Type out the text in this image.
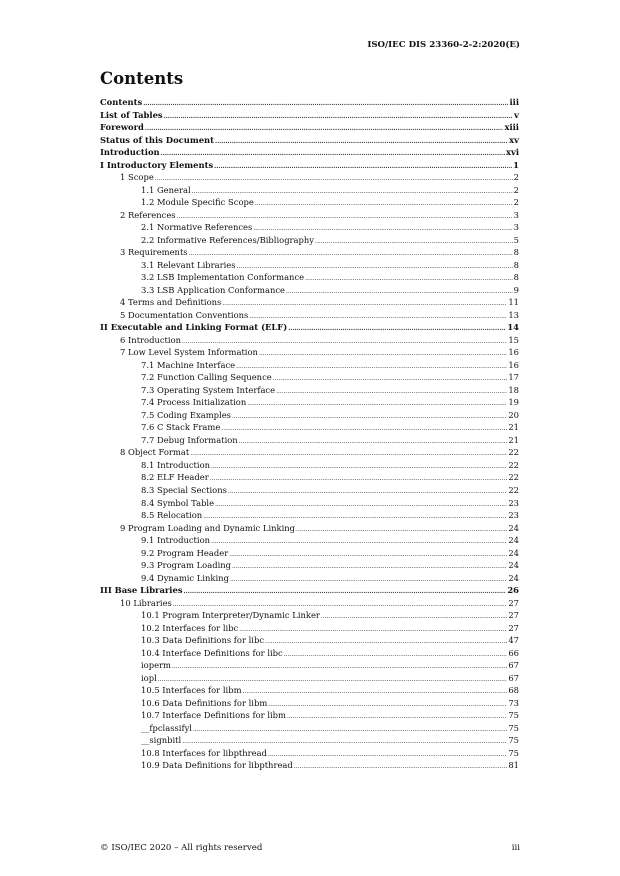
ISO/IEC DIS 23360-2-2:2020(E)
Contents
Contents .....	iii
List of Tables .....	v
Foreword .....	xiii
Status of this Document .....	xv
Introduction .....	xvi
I Introductory Elements .....	1
1 Scope .....	2
1.1 General .....	2
1.2 Module Specific Scope .....	2
2 References .....	3
2.1 Normative References .....	3
2.2 Informative References/Bibliography .....	5
3 Requirements .....	8
3.1 Relevant Libraries .....	8
3.2 LSB Implementation Conformance .....	8
3.3 LSB Application Conformance .....	9
4 Terms and Definitions .....	11
5 Documentation Conventions .....	13
II Executable and Linking Format (ELF) .....	14
6 Introduction .....	15
7 Low Level System Information .....	16
7.1 Machine Interface .....	16
7.2 Function Calling Sequence .....	17
7.3 Operating System Interface .....	18
7.4 Process Initialization .....	19
7.5 Coding Examples .....	20
7.6 C Stack Frame .....	21
7.7 Debug Information .....	21
8 Object Format .....	22
8.1 Introduction .....	22
8.2 ELF Header .....	22
8.3 Special Sections .....	22
8.4 Symbol Table .....	23
8.5 Relocation .....	23
9 Program Loading and Dynamic Linking .....	24
9.1 Introduction .....	24
9.2 Program Header .....	24
9.3 Program Loading .....	24
9.4 Dynamic Linking .....	24
III Base Libraries .....	26
10 Libraries .....	27
10.1 Program Interpreter/Dynamic Linker .....	27
10.2 Interfaces for libc .....	27
10.3 Data Definitions for libc .....	47
10.4 Interface Definitions for libc .....	66
ioperm .....	67
iopl .....	67
10.5 Interfaces for libm .....	68
10.6 Data Definitions for libm .....	73
10.7 Interface Definitions for libm .....	75
__fpclassifyl .....	75
__signbitl .....	75
10.8 Interfaces for libpthread .....	75
10.9 Data Definitions for libpthread .....	81
© ISO/IEC 2020 – All rights reserved	iii
